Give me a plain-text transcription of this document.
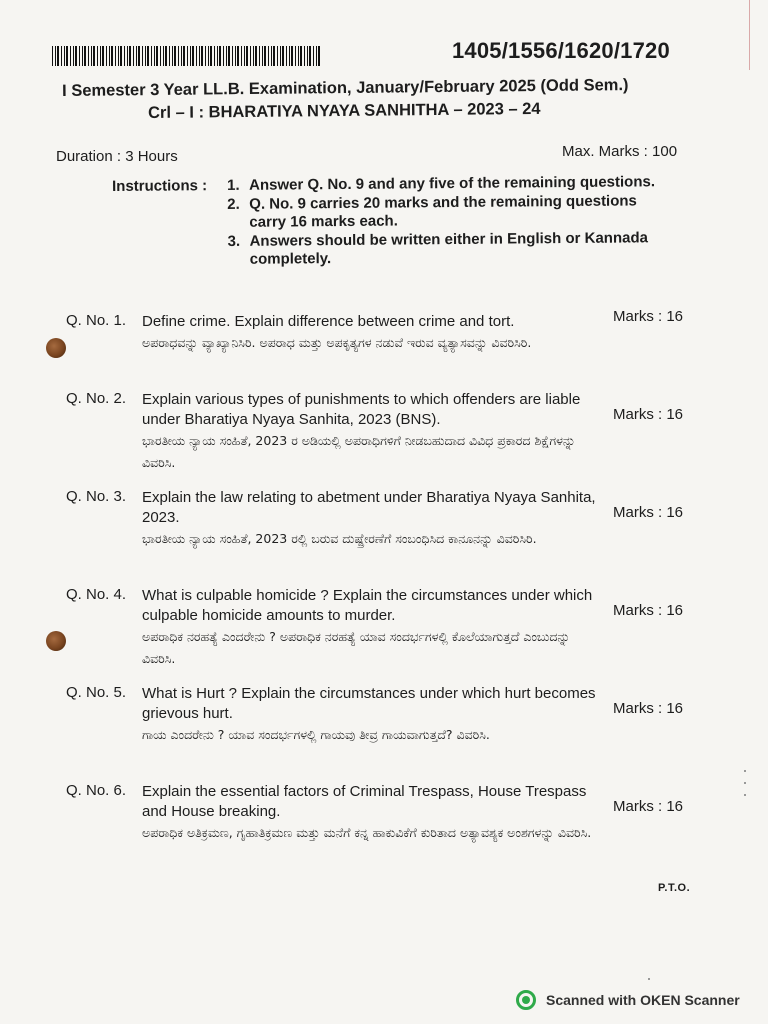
1405/1556/1620/1720
I Semester 3 Year LL.B. Examination, January/February 2025 (Odd Sem.)
Crl – I : BHARATIYA NYAYA SANHITHA – 2023 – 24
Duration : 3 Hours	Max. Marks : 100
Instructions : 1. Answer Q. No. 9 and any five of the remaining questions.
2. Q. No. 9 carries 20 marks and the remaining questions carry 16 marks each.
3. Answers should be written either in English or Kannada completely.
Q. No. 1. Define crime. Explain difference between crime and tort.
ಅಪರಾಧವನ್ನು ವ್ಯಾಖ್ಯಾನಿಸಿರಿ. ಅಪರಾಧ ಮತ್ತು ಅಪಕೃತ್ಯಗಳ ನಡುವೆ ಇರುವ ವ್ಯತ್ಯಾಸವನ್ನು ವಿವರಿಸಿರಿ.
Marks : 16
Q. No. 2. Explain various types of punishments to which offenders are liable under Bharatiya Nyaya Sanhita, 2023 (BNS).
ಭಾರತೀಯ ನ್ಯಾಯ ಸಂಹಿತೆ, 2023 ರ ಅಡಿಯಲ್ಲಿ ಅಪರಾಧಿಗಳಿಗೆ ನೀಡಬಹುದಾದ ವಿವಿಧ ಪ್ರಕಾರದ ಶಿಕ್ಷೆಗಳನ್ನು ವಿವರಿಸಿ.
Marks : 16
Q. No. 3. Explain the law relating to abetment under Bharatiya Nyaya Sanhita, 2023.
ಭಾರತೀಯ ನ್ಯಾಯ ಸಂಹಿತೆ, 2023 ರಲ್ಲಿ ಬರುವ ದುಷ್ಪ್ರೇರಣೆಗೆ ಸಂಬಂಧಿಸಿದ ಕಾನೂನನ್ನು ವಿವರಿಸಿರಿ.
Marks : 16
Q. No. 4. What is culpable homicide ? Explain the circumstances under which culpable homicide amounts to murder.
ಅಪರಾಧಿಕ ನರಹತ್ಯೆ ಎಂದರೇನು ? ಅಪರಾಧಿಕ ನರಹತ್ಯೆ ಯಾವ ಸಂದರ್ಭಗಳಲ್ಲಿ ಕೊಲೆಯಾಗುತ್ತದೆ ಎಂಬುದನ್ನು ವಿವರಿಸಿ.
Marks : 16
Q. No. 5. What is Hurt ? Explain the circumstances under which hurt becomes grievous hurt.
ಗಾಯ ಎಂದರೇನು ? ಯಾವ ಸಂದರ್ಭಗಳಲ್ಲಿ ಗಾಯವು ತೀವ್ರ ಗಾಯವಾಗುತ್ತದೆ? ವಿವರಿಸಿ.
Marks : 16
Q. No. 6. Explain the essential factors of Criminal Trespass, House Trespass and House breaking.
ಅಪರಾಧಿಕ ಅತಿಕ್ರಮಣ, ಗೃಹಾತಿಕ್ರಮಣ ಮತ್ತು ಮನೆಗೆ ಕನ್ನ ಹಾಕುವಿಕೆಗೆ ಕುರಿತಾದ ಅತ್ಯಾವಶ್ಯಕ ಅಂಶಗಳನ್ನು ವಿವರಿಸಿ.
Marks : 16
P.T.O.
Scanned with OKEN Scanner
